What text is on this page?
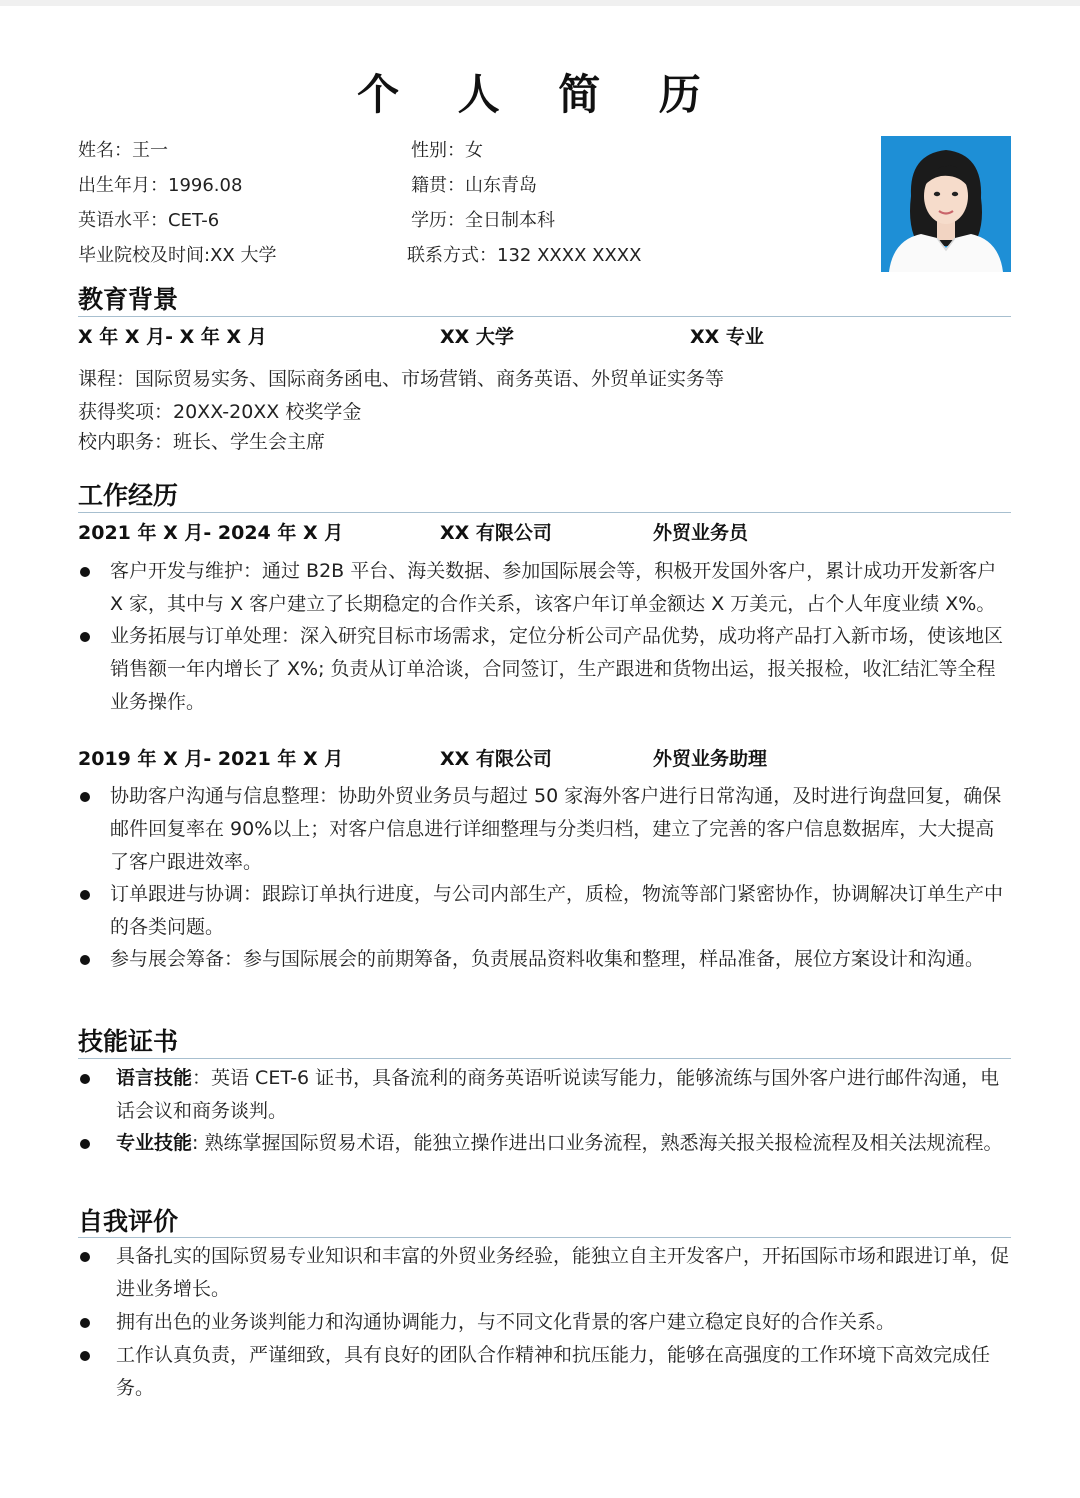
个 人 简 历
姓名：王一	性别：女
出生年月：1996.08	籍贯：山东青岛
英语水平：CET-6	学历：全日制本科
毕业院校及时间:XX 大学	联系方式：132 XXXX XXXX
教育背景
X 年 X 月- X 年 X 月	XX 大学	XX 专业
课程：国际贸易实务、国际商务函电、市场营销、商务英语、外贸单证实务等
获得奖项：20XX-20XX 校奖学金
校内职务：班长、学生会主席
工作经历
2021 年 X 月- 2024 年 X 月	XX 有限公司	外贸业务员
客户开发与维护：通过 B2B 平台、海关数据、参加国际展会等，积极开发国外客户，累计成功开发新客户 X 家，其中与 X 客户建立了长期稳定的合作关系，该客户年订单金额达 X 万美元，占个人年度业绩 X%。
业务拓展与订单处理：深入研究目标市场需求，定位分析公司产品优势，成功将产品打入新市场，使该地区销售额一年内增长了 X%; 负责从订单洽谈，合同签订，生产跟进和货物出运，报关报检，收汇结汇等全程业务操作。
2019 年 X 月- 2021 年 X 月	XX 有限公司	外贸业务助理
协助客户沟通与信息整理：协助外贸业务员与超过 50 家海外客户进行日常沟通，及时进行询盘回复，确保邮件回复率在 90%以上；对客户信息进行详细整理与分类归档，建立了完善的客户信息数据库，大大提高了客户跟进效率。
订单跟进与协调：跟踪订单执行进度，与公司内部生产，质检，物流等部门紧密协作，协调解决订单生产中的各类问题。
参与展会筹备：参与国际展会的前期筹备，负责展品资料收集和整理，样品准备，展位方案设计和沟通。
技能证书
语言技能：英语 CET-6 证书，具备流利的商务英语听说读写能力，能够流练与国外客户进行邮件沟通，电话会议和商务谈判。
专业技能: 熟练掌握国际贸易术语，能独立操作进出口业务流程，熟悉海关报关报检流程及相关法规流程。
自我评价
具备扎实的国际贸易专业知识和丰富的外贸业务经验，能独立自主开发客户，开拓国际市场和跟进订单，促进业务增长。
拥有出色的业务谈判能力和沟通协调能力，与不同文化背景的客户建立稳定良好的合作关系。
工作认真负责，严谨细致，具有良好的团队合作精神和抗压能力，能够在高强度的工作环境下高效完成任务。
